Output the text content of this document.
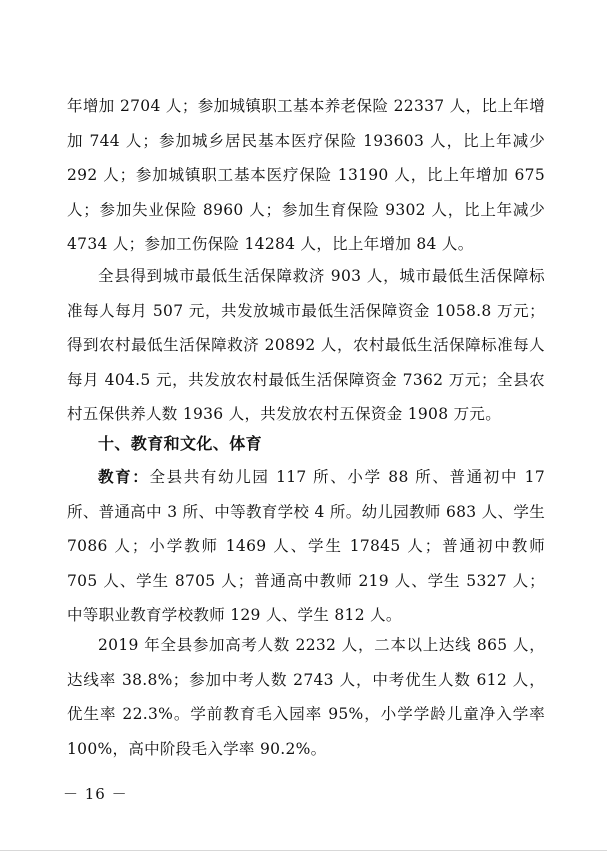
年增加 2704 人；参加城镇职工基本养老保险 22337 人，比上年增加 744 人；参加城乡居民基本医疗保险 193603 人，比上年减少 292 人；参加城镇职工基本医疗保险 13190 人，比上年增加 675 人；参加失业保险 8960 人；参加生育保险 9302 人，比上年减少 4734 人；参加工伤保险 14284 人，比上年增加 84 人。

全县得到城市最低生活保障救济 903 人，城市最低生活保障标准每人每月 507 元，共发放城市最低生活保障资金 1058.8 万元；得到农村最低生活保障救济 20892 人，农村最低生活保障标准每人每月 404.5 元，共发放农村最低生活保障资金 7362 万元；全县农村五保供养人数 1936 人，共发放农村五保资金 1908 万元。

十、教育和文化、体育

教育：全县共有幼儿园 117 所、小学 88 所、普通初中 17 所、普通高中 3 所、中等教育学校 4 所。幼儿园教师 683 人、学生 7086 人；小学教师 1469 人、学生 17845 人；普通初中教师 705 人、学生 8705 人；普通高中教师 219 人、学生 5327 人；中等职业教育学校教师 129 人、学生 812 人。

2019 年全县参加高考人数 2232 人，二本以上达线 865 人，达线率 38.8%；参加中考人数 2743 人，中考优生人数 612 人，优生率 22.3%。学前教育毛入园率 95%，小学学龄儿童净入学率 100%，高中阶段毛入学率 90.2%。

－ 16 －
